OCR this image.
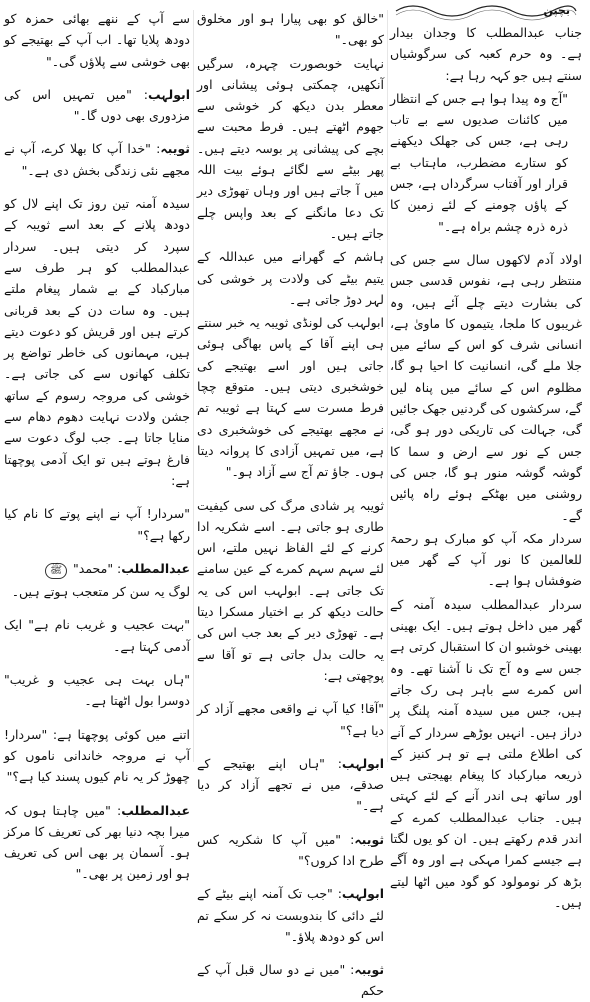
بچپن

جناب عبدالمطلب کا وجدان بیدار ہے۔ وہ حرم کعبہ کی سرگوشیاں سنتے ہیں جو کہہ رہا ہے:

"آج وہ پیدا ہوا ہے جس کے انتظار میں کائنات صدیوں سے بے تاب رہی ہے، جس کی جھلک دیکھنے کو ستارے مضطرب، ماہتاب بے قرار اور آفتاب سرگرداں ہے، جس کے پاؤں چومنے کے لئے زمین کا ذرہ ذرہ چشم براہ ہے۔"

اولاد آدم لاکھوں سال سے جس کی منتظر رہی ہے، نفوس قدسی جس کی بشارت دیتے چلے آئے ہیں، وہ غریبوں کا ملجا، یتیموں کا ماویٰ ہے، انسانی شرف کو اس کے سائے میں جلا ملے گی، انسانیت کا احیا ہو گا، مظلوم اس کے سائے میں پناہ لیں گے، سرکشوں کی گردنیں جھک جائیں گی، جہالت کی تاریکی دور ہو گی، جس کے نور سے ارض و سما کا گوشہ گوشہ منور ہو گا، جس کی روشنی میں بھٹکے ہوئے راہ پائیں گے۔

سردار مکہ آپ کو مبارک ہو رحمۃ للعالمین کا نور آپ کے گھر میں ضوفشاں ہوا ہے۔

سردار عبدالمطلب سیدہ آمنہ کے گھر میں داخل ہوتے ہیں۔ ایک بھینی بھینی خوشبو ان کا استقبال کرتی ہے جس سے وہ آج تک نا آشنا تھے۔ وہ اس کمرے سے باہر ہی رک جاتے ہیں، جس میں سیدہ آمنہ پلنگ پر دراز ہیں۔ انہیں بوڑھے سردار کے آنے کی اطلاع ملتی ہے تو ہر کنیز کے ذریعہ مبارکباد کا پیغام بھیجتی ہیں اور ساتھ ہی اندر آنے کے لئے کہتی ہیں۔ جناب عبدالمطلب کمرے کے اندر قدم رکھتے ہیں۔ ان کو یوں لگتا ہے جیسے کمرا مہکی ہے اور وہ آگے بڑھ کر نومولود کو گود میں اٹھا لیتے ہیں۔

"خالق کو بھی پیارا ہو اور مخلوق کو بھی۔"

نہایت خوبصورت چہرہ، سرگیں آنکھیں، چمکتی ہوئی پیشانی اور معطر بدن دیکھ کر خوشی سے جھوم اٹھتے ہیں۔ فرط محبت سے بچے کی پیشانی پر بوسہ دیتے ہیں۔ پھر بیٹے سے لگائے ہوئے بیت اللہ میں آ جاتے ہیں اور وہاں تھوڑی دیر تک دعا مانگنے کے بعد واپس چلے جاتے ہیں۔

ہاشم کے گھرانے میں عبداللہ کے یتیم بیٹے کی ولادت پر خوشی کی لہر دوڑ جاتی ہے۔

ابولہب کی لونڈی ثویبہ یہ خبر سنتے ہی اپنے آقا کے پاس بھاگی ہوئی جاتی ہیں اور اسے بھتیجے کی خوشخبری دیتی ہیں۔ متوقع چچا فرط مسرت سے کہتا ہے ثویبہ تم نے مجھے بھتیجے کی خوشخبری دی ہے، میں تمہیں آزادی کا پروانہ دیتا ہوں۔ جاؤ تم آج سے آزاد ہو۔"

ثویبہ پر شادی مرگ کی سی کیفیت طاری ہو جاتی ہے۔ اسے شکریہ ادا کرنے کے لئے الفاظ نہیں ملتے، اس لئے سہم سہم کمرے کے عین سامنے تک جاتی ہے۔ ابولہب اس کی یہ حالت دیکھ کر بے اختیار مسکرا دیتا ہے۔ تھوڑی دیر کے بعد جب اس کی یہ حالت بدل جاتی ہے تو آقا سے پوچھتی ہے:

"آقا! کیا آپ نے واقعی مجھے آزاد کر دیا ہے؟"

ابولہب: "ہاں اپنے بھتیجے کے صدقے، میں نے تجھے آزاد کر دیا ہے۔"

ثویبہ: "میں آپ کا شکریہ کس طرح ادا کروں؟"

ابولہب: "جب تک آمنہ اپنے بیٹے کے لئے دائی کا بندوبست نہ کر سکے تم اس کو دودھ پلاؤ۔"

ثویبہ: "میں نے دو سال قبل آپ کے حکم

سے آپ کے ننھے بھائی حمزہ کو دودھ پلایا تھا۔ اب آپ کے بھتیجے کو بھی خوشی سے پلاؤں گی۔"

ابولہب: "میں تمہیں اس کی مزدوری بھی دوں گا۔"

ثویبہ: "خدا آپ کا بھلا کرے، آپ نے مجھے نئی زندگی بخش دی ہے۔"

سیدہ آمنہ تین روز تک اپنے لال کو دودھ پلانے کے بعد اسے ثویبہ کے سپرد کر دیتی ہیں۔ سردار عبدالمطلب کو ہر طرف سے مبارکباد کے بے شمار پیغام ملتے ہیں۔ وہ سات دن کے بعد قربانی کرتے ہیں اور قریش کو دعوت دیتے ہیں، مہمانوں کی خاطر تواضع پر تکلف کھانوں سے کی جاتی ہے۔ خوشی کی مروجہ رسوم کے ساتھ جشن ولادت نہایت دھوم دھام سے منایا جاتا ہے۔ جب لوگ دعوت سے فارغ ہوتے ہیں تو ایک آدمی پوچھتا ہے:

"سردار! آپ نے اپنے پوتے کا نام کیا رکھا ہے؟"

عبدالمطلب: "محمد" ﷺ

لوگ یہ سن کر متعجب ہوتے ہیں۔

"بہت عجیب و غریب نام ہے" ایک آدمی کہتا ہے۔

"ہاں بہت ہی عجیب و غریب" دوسرا بول اٹھتا ہے۔

اتنے میں کوئی پوچھتا ہے: "سردار! آپ نے مروجہ خاندانی ناموں کو چھوڑ کر یہ نام کیوں پسند کیا ہے؟"

عبدالمطلب: "میں چاہتا ہوں کہ میرا بچہ دنیا بھر کی تعریف کا مرکز ہو۔ آسمان پر بھی اس کی تعریف ہو اور زمین پر بھی۔"
